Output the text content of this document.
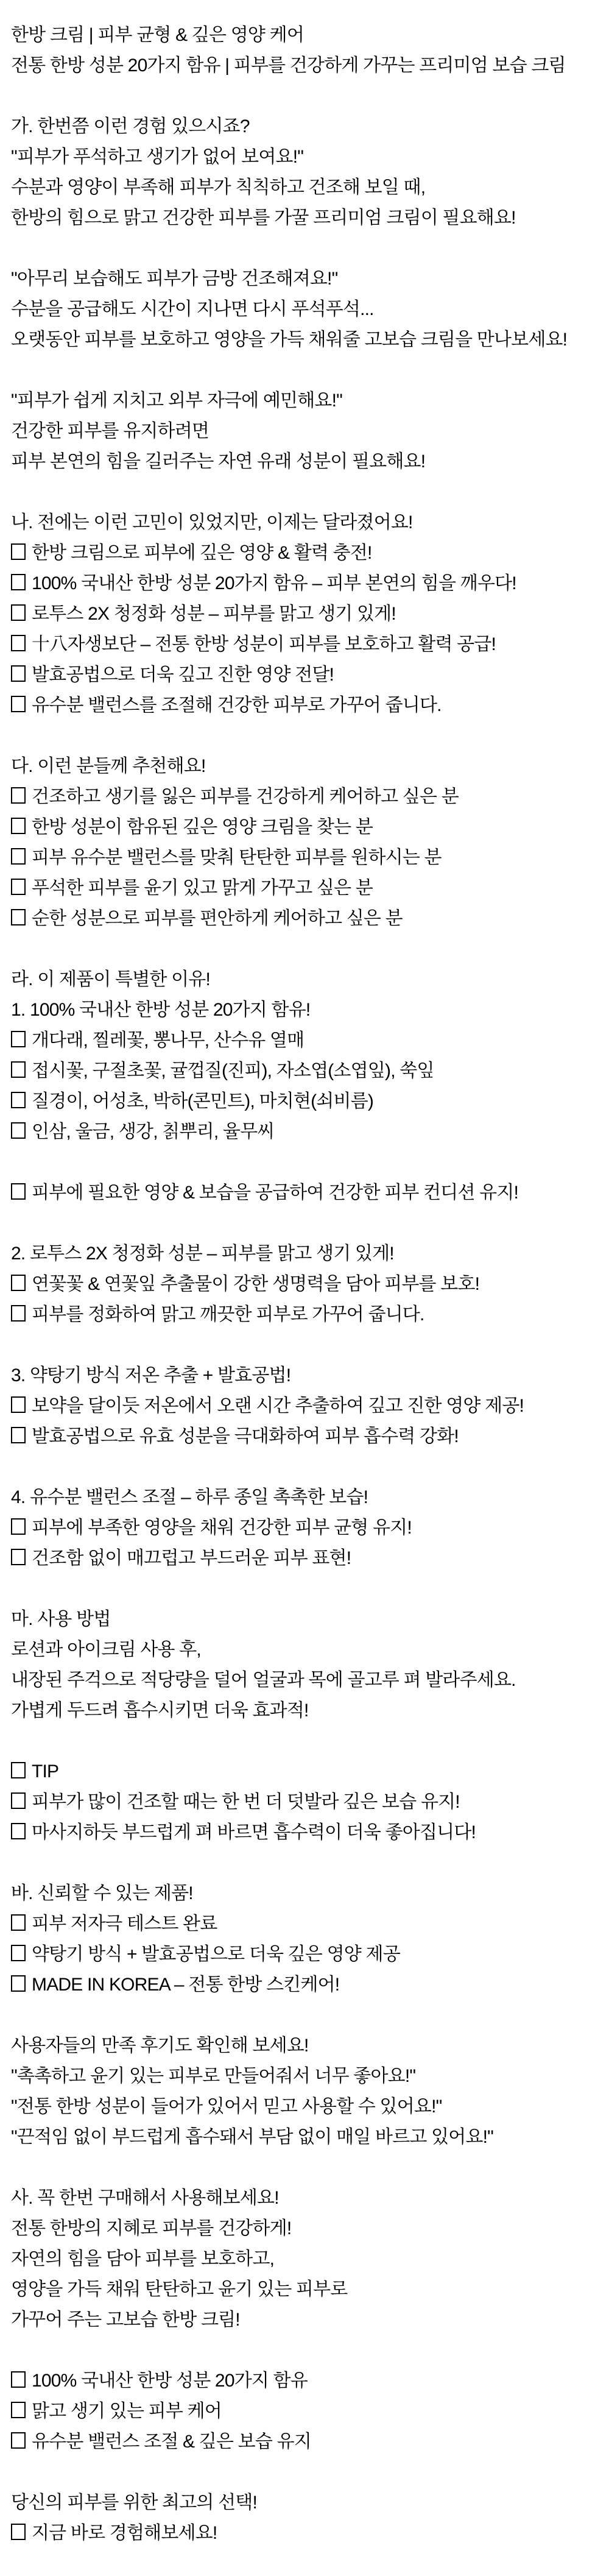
한방 크림 | 피부 균형 & 깊은 영양 케어
전통 한방 성분 20가지 함유 | 피부를 건강하게 가꾸는 프리미엄 보습 크림
가. 한번쯤 이런 경험 있으시죠?
"피부가 푸석하고 생기가 없어 보여요!"
수분과 영양이 부족해 피부가 칙칙하고 건조해 보일 때,
한방의 힘으로 맑고 건강한 피부를 가꿀 프리미엄 크림이 필요해요!
"아무리 보습해도 피부가 금방 건조해져요!"
수분을 공급해도 시간이 지나면 다시 푸석푸석...
오랫동안 피부를 보호하고 영양을 가득 채워줄 고보습 크림을 만나보세요!
"피부가 쉽게 지치고 외부 자극에 예민해요!"
건강한 피부를 유지하려면
피부 본연의 힘을 길러주는 자연 유래 성분이 필요해요!
나. 전에는 이런 고민이 있었지만, 이제는 달라졌어요!
한방 크림으로 피부에 깊은 영양 & 활력 충전!
100% 국내산 한방 성분 20가지 함유 – 피부 본연의 힘을 깨우다!
로투스 2X 청정화 성분 – 피부를 맑고 생기 있게!
十八자생보단 – 전통 한방 성분이 피부를 보호하고 활력 공급!
발효공법으로 더욱 깊고 진한 영양 전달!
유수분 밸런스를 조절해 건강한 피부로 가꾸어 줍니다.
다. 이런 분들께 추천해요!
건조하고 생기를 잃은 피부를 건강하게 케어하고 싶은 분
한방 성분이 함유된 깊은 영양 크림을 찾는 분
피부 유수분 밸런스를 맞춰 탄탄한 피부를 원하시는 분
푸석한 피부를 윤기 있고 맑게 가꾸고 싶은 분
순한 성분으로 피부를 편안하게 케어하고 싶은 분
라. 이 제품이 특별한 이유!
1. 100% 국내산 한방 성분 20가지 함유!
개다래, 찔레꽃, 뽕나무, 산수유 열매
접시꽃, 구절초꽃, 귤껍질(진피), 자소엽(소엽잎), 쑥잎
질경이, 어성초, 박하(콘민트), 마치현(쇠비름)
인삼, 울금, 생강, 칡뿌리, 율무씨
피부에 필요한 영양 & 보습을 공급하여 건강한 피부 컨디션 유지!
2. 로투스 2X 청정화 성분 – 피부를 맑고 생기 있게!
연꽃꽃 & 연꽃잎 추출물이 강한 생명력을 담아 피부를 보호!
피부를 정화하여 맑고 깨끗한 피부로 가꾸어 줍니다.
3. 약탕기 방식 저온 추출 + 발효공법!
보약을 달이듯 저온에서 오랜 시간 추출하여 깊고 진한 영양 제공!
발효공법으로 유효 성분을 극대화하여 피부 흡수력 강화!
4. 유수분 밸런스 조절 – 하루 종일 촉촉한 보습!
피부에 부족한 영양을 채워 건강한 피부 균형 유지!
건조함 없이 매끄럽고 부드러운 피부 표현!
마. 사용 방법
로션과 아이크림 사용 후,
내장된 주걱으로 적당량을 덜어 얼굴과 목에 골고루 펴 발라주세요.
가볍게 두드려 흡수시키면 더욱 효과적!
TIP
피부가 많이 건조할 때는 한 번 더 덧발라 깊은 보습 유지!
마사지하듯 부드럽게 펴 바르면 흡수력이 더욱 좋아집니다!
바. 신뢰할 수 있는 제품!
피부 저자극 테스트 완료
약탕기 방식 + 발효공법으로 더욱 깊은 영양 제공
MADE IN KOREA – 전통 한방 스킨케어!
사용자들의 만족 후기도 확인해 보세요!
"촉촉하고 윤기 있는 피부로 만들어줘서 너무 좋아요!"
"전통 한방 성분이 들어가 있어서 믿고 사용할 수 있어요!"
"끈적임 없이 부드럽게 흡수돼서 부담 없이 매일 바르고 있어요!"
사. 꼭 한번 구매해서 사용해보세요!
전통 한방의 지혜로 피부를 건강하게!
자연의 힘을 담아 피부를 보호하고,
영양을 가득 채워 탄탄하고 윤기 있는 피부로
가꾸어 주는 고보습 한방 크림!
100% 국내산 한방 성분 20가지 함유
맑고 생기 있는 피부 케어
유수분 밸런스 조절 & 깊은 보습 유지
당신의 피부를 위한 최고의 선택!
지금 바로 경험해보세요!
